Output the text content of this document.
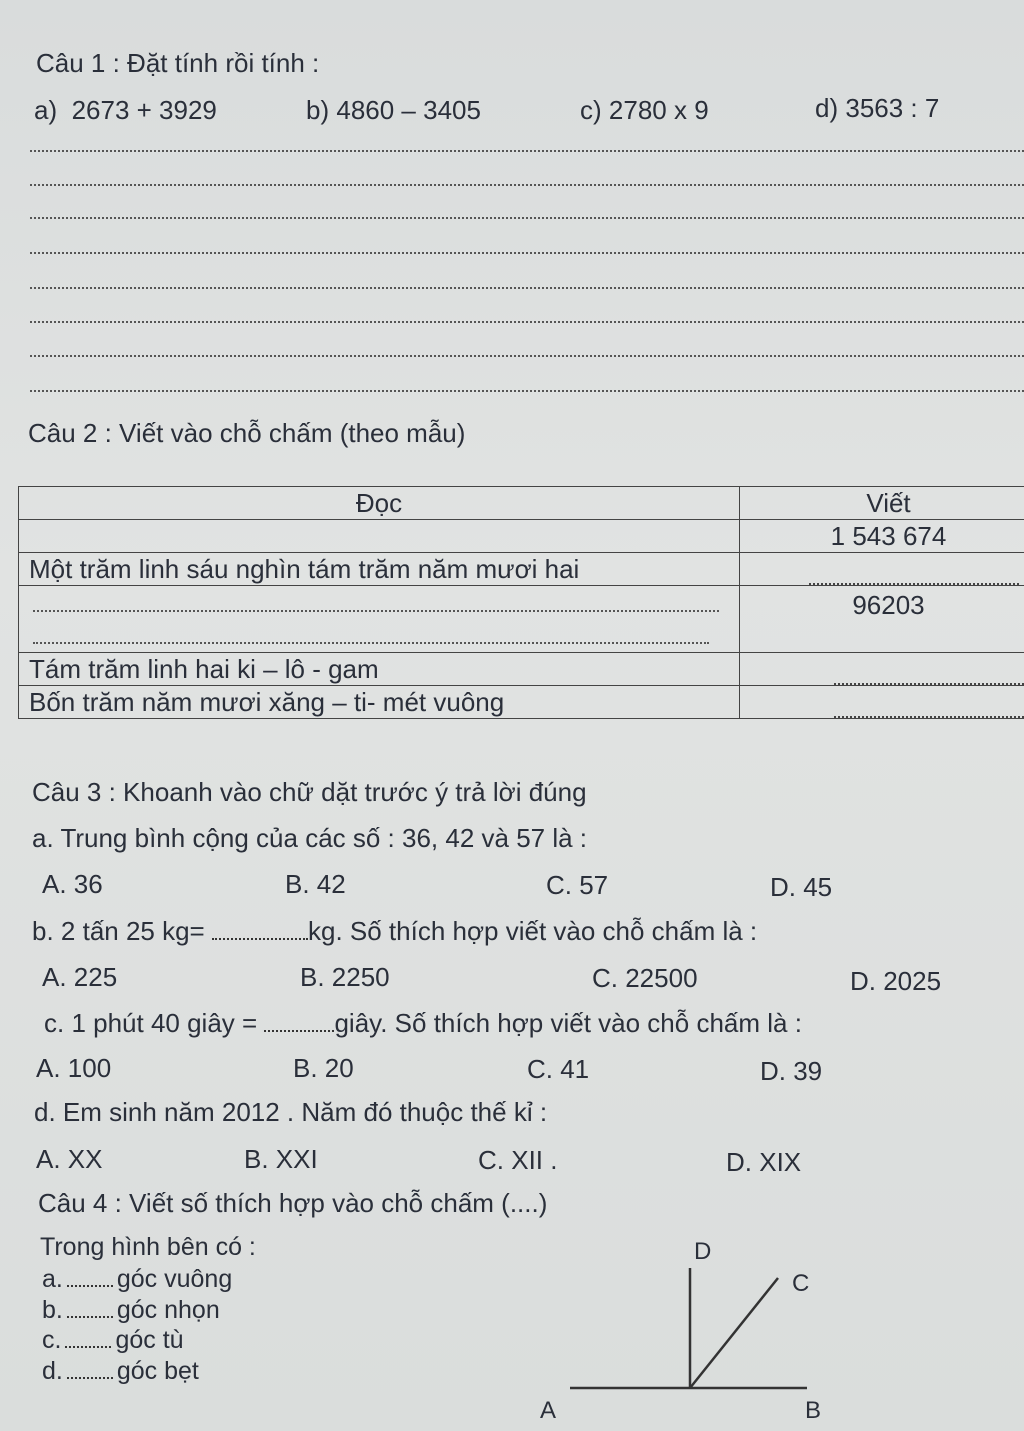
Câu 1 : Đặt tính rồi tính :
a) 2673 + 3929	b) 4860 – 3405	c) 2780 x 9	d) 3563 : 7
Câu 2 : Viết vào chỗ chấm (theo mẫu)
Đọc	Viết
	1 543 674
Một trăm linh sáu nghìn tám trăm năm mươi hai	

	96203
Tám trăm linh hai ki – lô - gam	
Bốn trăm năm mươi xăng – ti- mét vuông	
Câu 3 : Khoanh vào chữ dặt trước ý trả lời đúng
a. Trung bình cộng của các số : 36, 42 và 57 là :
A. 36	B. 42	C. 57	D. 45
b. 2 tấn 25 kg=	kg. Số thích hợp viết vào chỗ chấm là :
A. 225	B. 2250	C. 22500	D. 2025
c. 1 phút 40 giây =	giây. Số thích hợp viết vào chỗ chấm là :
A. 100	B. 20	C. 41	D. 39
d. Em sinh năm 2012 . Năm đó thuộc thế kỉ :
A. XX	B. XXI	C. XII .	D. XIX
Câu 4 : Viết số thích hợp vào chỗ chấm (....)
Trong hình bên có :
a. góc vuông
b. góc nhọn
c. góc tù
d. góc bẹt
D
C
A	B
